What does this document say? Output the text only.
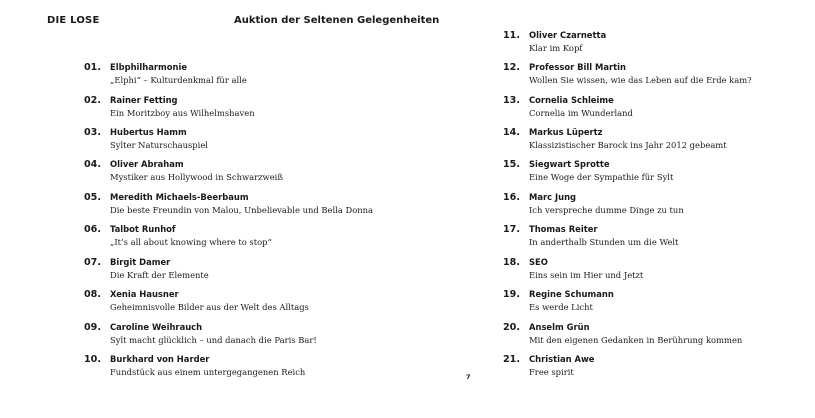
DIE LOSE	Auktion der Seltenen Gelegenheiten
01. Elbphilharmonie
„Elphi“ – Kulturdenkmal für alle
02. Rainer Fetting
Ein Moritzboy aus Wilhelmshaven
03. Hubertus Hamm
Sylter Naturschauspiel
04. Oliver Abraham
Mystiker aus Hollywood in Schwarzweiß
05. Meredith Michaels-Beerbaum
Die beste Freundin von Malou, Unbelievable und Bella Donna
06. Talbot Runhof
„It’s all about knowing where to stop“
07. Birgit Damer
Die Kraft der Elemente
08. Xenia Hausner
Geheimnisvolle Bilder aus der Welt des Alltags
09. Caroline Weihrauch
Sylt macht glücklich – und danach die Paris Bar!
10. Burkhard von Harder
Fundstück aus einem untergegangenen Reich
11. Oliver Czarnetta
Klar im Kopf
12. Professor Bill Martin
Wollen Sie wissen, wie das Leben auf die Erde kam?
13. Cornelia Schleime
Cornelia im Wunderland
14. Markus Lüpertz
Klassizistischer Barock ins Jahr 2012 gebeamt
15. Siegwart Sprotte
Eine Woge der Sympathie für Sylt
16. Marc Jung
Ich verspreche dumme Dinge zu tun
17. Thomas Reiter
In anderthalb Stunden um die Welt
18. SEO
Eins sein im Hier und Jetzt
19. Regine Schumann
Es werde Licht
20. Anselm Grün
Mit den eigenen Gedanken in Berührung kommen
21. Christian Awe
Free spirit
7
